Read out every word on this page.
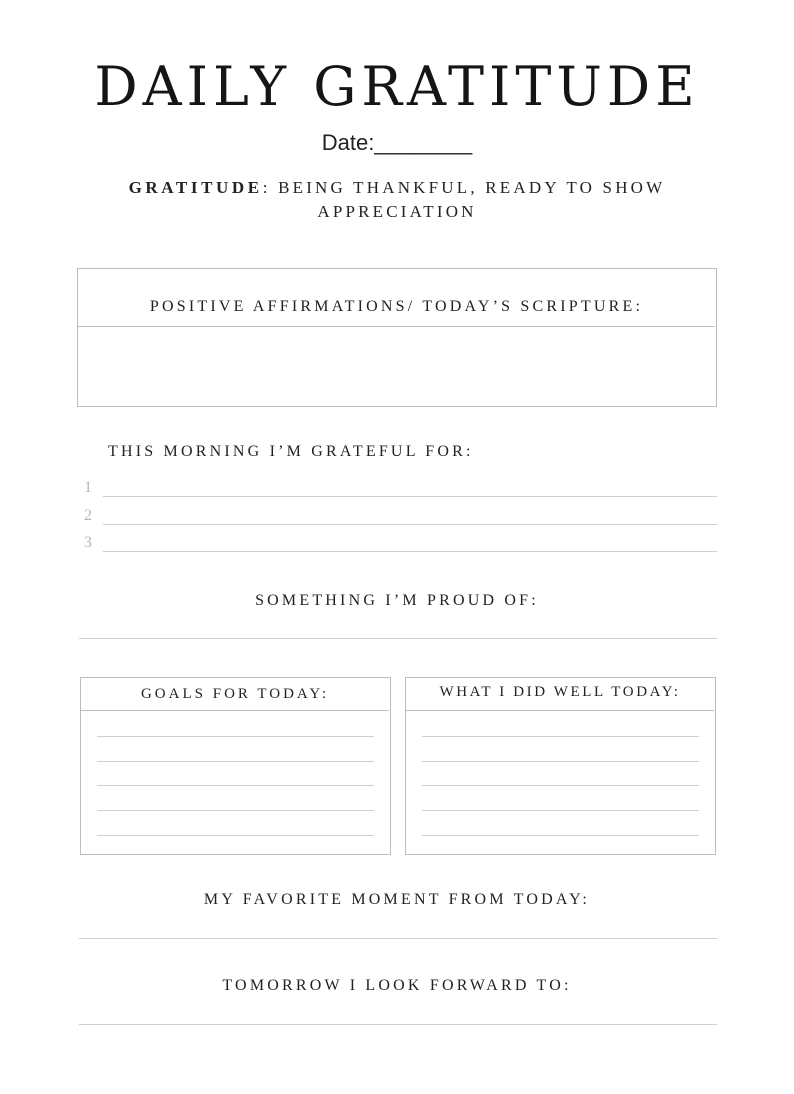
DAILY GRATITUDE
Date:________
GRATITUDE: BEING THANKFUL, READY TO SHOW APPRECIATION
POSITIVE AFFIRMATIONS/ TODAY’S SCRIPTURE:
THIS MORNING I’M GRATEFUL FOR:
1
2
3
SOMETHING I’M PROUD OF:
GOALS FOR TODAY:	WHAT I DID WELL TODAY:
MY FAVORITE MOMENT FROM TODAY:
TOMORROW I LOOK FORWARD TO:
